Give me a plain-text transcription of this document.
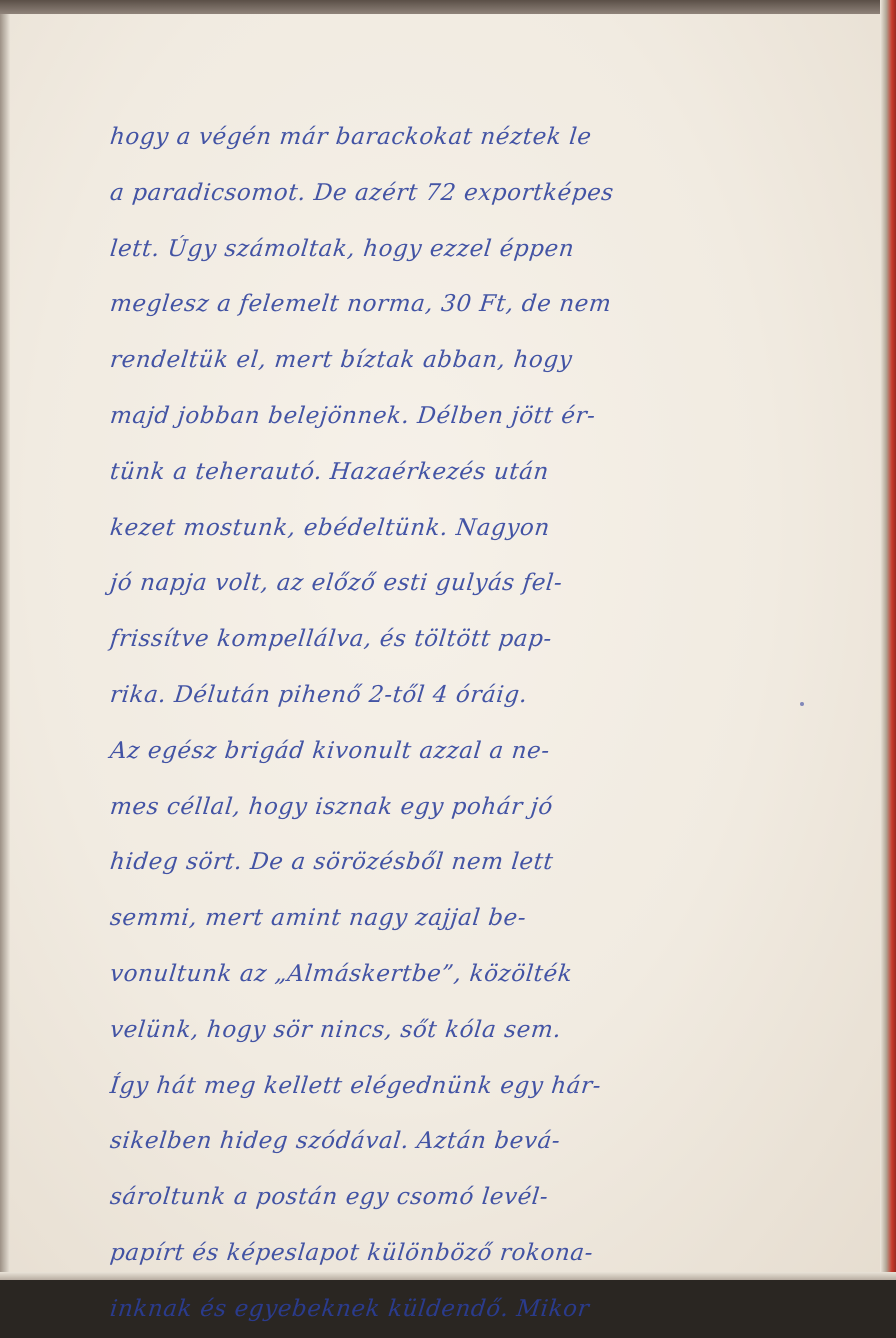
hogy a végén már barackokat néztek le
a paradicsomot. De azért 72 exportképes
lett. Úgy számoltak, hogy ezzel éppen
meglesz a felemelt norma, 30 Ft, de nem
rendeltük el, mert bíztak abban, hogy
majd jobban belejönnek. Délben jött ér-
tünk a teherautó. Hazaérkezés után
kezet mostunk, ebédeltünk. Nagyon
jó napja volt, az előző esti gulyás fel-
frissítve kompellálva, és töltött pap-
rika. Délután pihenő 2-től 4 óráig.
Az egész brigád kivonult azzal a ne-
mes céllal, hogy isznak egy pohár jó
hideg sört. De a sörözésből nem lett
semmi, mert amint nagy zajjal be-
vonultunk az „Almáskertbe”, közölték
velünk, hogy sör nincs, sőt kóla sem.
Így hát meg kellett elégednünk egy hár-
sikelben hideg szódával. Aztán bevá-
sároltunk a postán egy csomó levél-
papírt és képeslapot különböző rokona-
inknak és egyebeknek küldendő. Mikor
